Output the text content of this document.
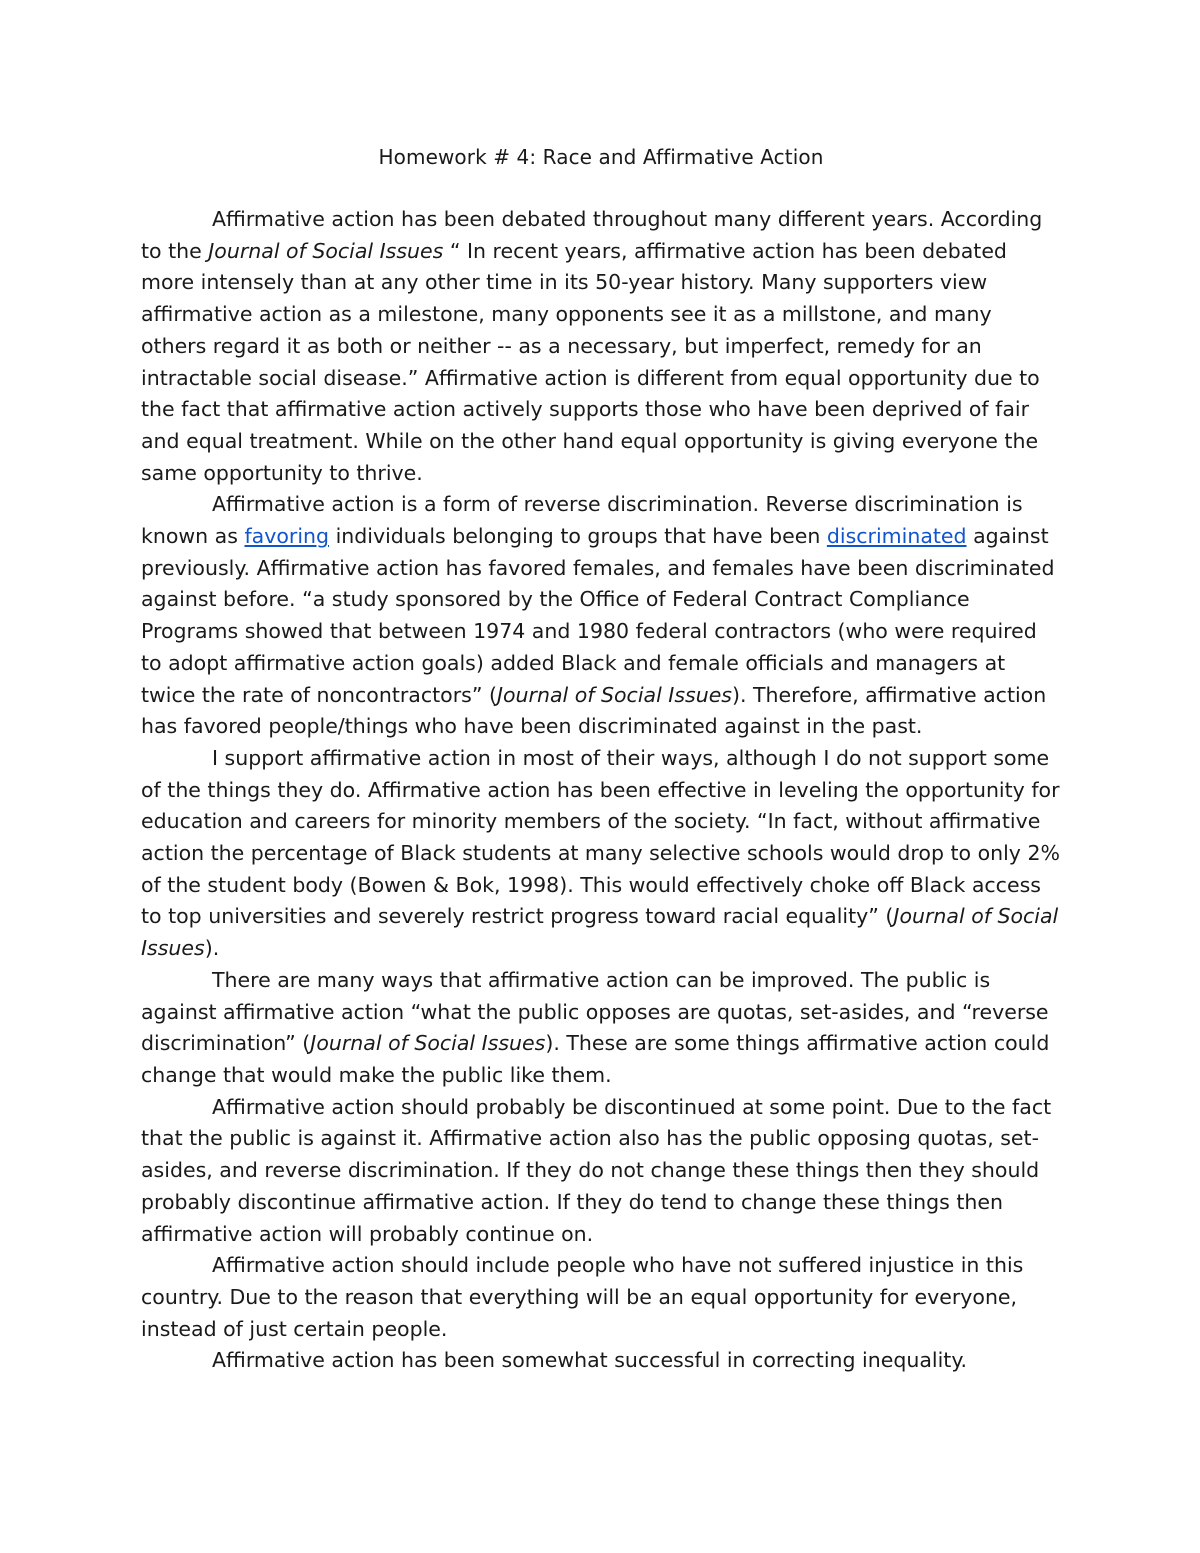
Homework # 4: Race and Affirmative Action

Affirmative action has been debated throughout many different years. According to the Journal of Social Issues “ In recent years, affirmative action has been debated more intensely than at any other time in its 50-year history. Many supporters view affirmative action as a milestone, many opponents see it as a millstone, and many others regard it as both or neither -- as a necessary, but imperfect, remedy for an intractable social disease.” Affirmative action is different from equal opportunity due to the fact that affirmative action actively supports those who have been deprived of fair and equal treatment. While on the other hand equal opportunity is giving everyone the same opportunity to thrive.

Affirmative action is a form of reverse discrimination. Reverse discrimination is known as favoring individuals belonging to groups that have been discriminated against previously. Affirmative action has favored females, and females have been discriminated against before. “a study sponsored by the Office of Federal Contract Compliance Programs showed that between 1974 and 1980 federal contractors (who were required to adopt affirmative action goals) added Black and female officials and managers at twice the rate of noncontractors” (Journal of Social Issues). Therefore, affirmative action has favored people/things who have been discriminated against in the past.

I support affirmative action in most of their ways, although I do not support some of the things they do. Affirmative action has been effective in leveling the opportunity for education and careers for minority members of the society. “In fact, without affirmative action the percentage of Black students at many selective schools would drop to only 2% of the student body (Bowen & Bok, 1998). This would effectively choke off Black access to top universities and severely restrict progress toward racial equality” (Journal of Social Issues).

There are many ways that affirmative action can be improved. The public is against affirmative action “what the public opposes are quotas, set-asides, and “reverse discrimination” (Journal of Social Issues). These are some things affirmative action could change that would make the public like them.

Affirmative action should probably be discontinued at some point. Due to the fact that the public is against it. Affirmative action also has the public opposing quotas, set-asides, and reverse discrimination. If they do not change these things then they should probably discontinue affirmative action. If they do tend to change these things then affirmative action will probably continue on.

Affirmative action should include people who have not suffered injustice in this country. Due to the reason that everything will be an equal opportunity for everyone, instead of just certain people.

Affirmative action has been somewhat successful in correcting inequality.
